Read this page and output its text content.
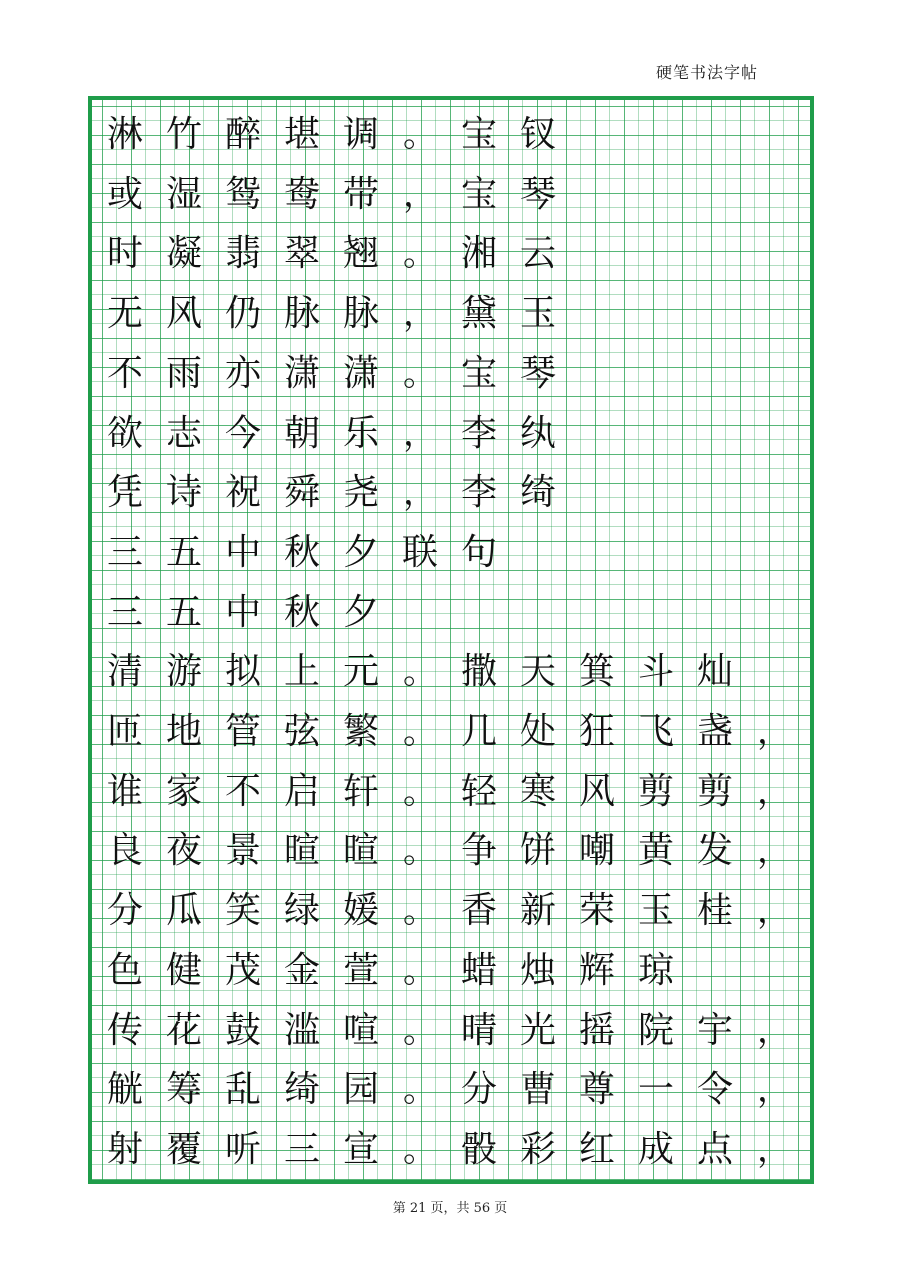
硬笔书法字帖
淋 竹 醉 堪 调 。 宝 钗
或 湿 鸳 鸯 带 ， 宝 琴
时 凝 翡 翠 翘 。 湘 云
无 风 仍 脉 脉 ， 黛 玉
不 雨 亦 潇 潇 。 宝 琴
欲 志 今 朝 乐 ， 李 纨
凭 诗 祝 舜 尧 ， 李 绮
三 五 中 秋 夕 联 句
三 五 中 秋 夕
清 游 拟 上 元 。 撒 天 箕 斗 灿
匝 地 管 弦 繁 。 几 处 狂 飞 盏 ，
谁 家 不 启 轩 。 轻 寒 风 剪 剪 ，
良 夜 景 暄 暄 。 争 饼 嘲 黄 发 ，
分 瓜 笑 绿 媛 。 香 新 荣 玉 桂 ，
色 健 茂 金 萱 。 蜡 烛 辉 琼
传 花 鼓 滥 喧 。 晴 光 摇 院 宇 ，
觥 筹 乱 绮 园 。 分 曹 尊 一 令 ，
射 覆 听 三 宣 。 骰 彩 红 成 点 ，
第 21 页，共 56 页
